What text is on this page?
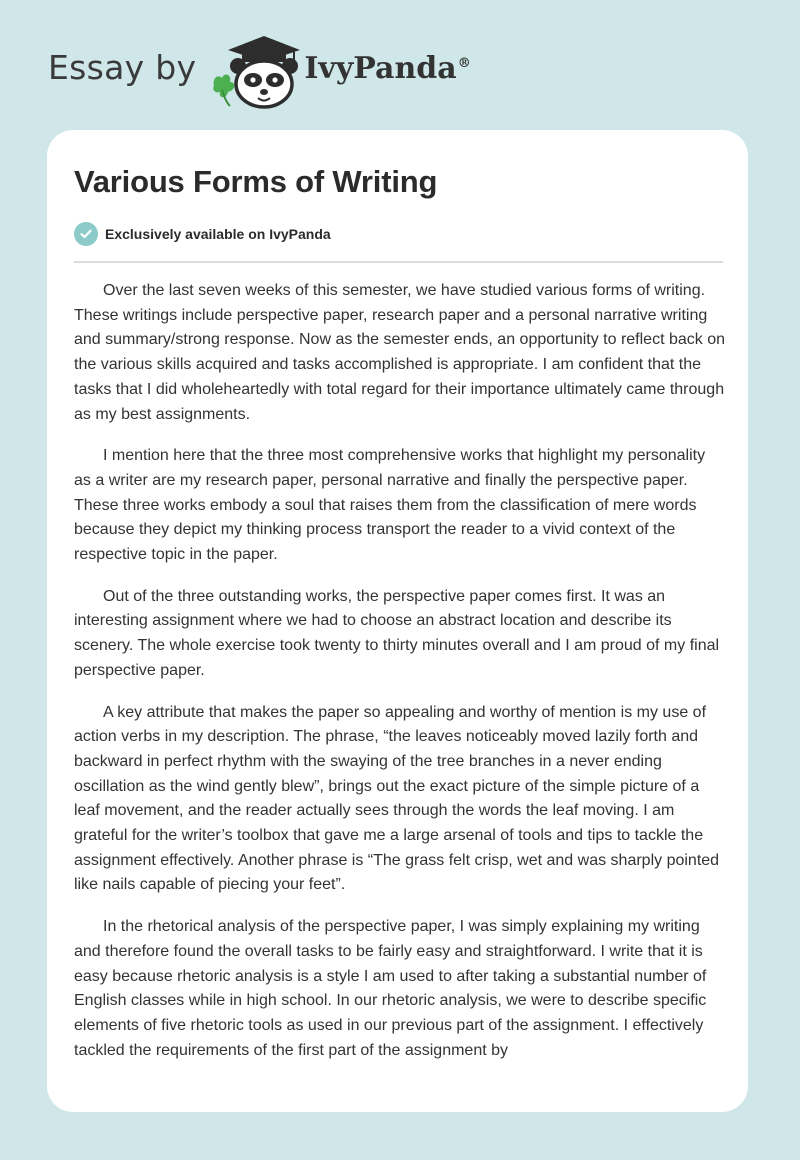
Essay by	IvyPanda®
Various Forms of Writing
Exclusively available on IvyPanda

Over the last seven weeks of this semester, we have studied various forms of writing. These writings include perspective paper, research paper and a personal narrative writing and summary/strong response. Now as the semester ends, an opportunity to reflect back on the various skills acquired and tasks accomplished is appropriate. I am confident that the tasks that I did wholeheartedly with total regard for their importance ultimately came through as my best assignments.

I mention here that the three most comprehensive works that highlight my personality as a writer are my research paper, personal narrative and finally the perspective paper. These three works embody a soul that raises them from the classification of mere words because they depict my thinking process transport the reader to a vivid context of the respective topic in the paper.

Out of the three outstanding works, the perspective paper comes first. It was an interesting assignment where we had to choose an abstract location and describe its scenery. The whole exercise took twenty to thirty minutes overall and I am proud of my final perspective paper.

A key attribute that makes the paper so appealing and worthy of mention is my use of action verbs in my description. The phrase, “the leaves noticeably moved lazily forth and backward in perfect rhythm with the swaying of the tree branches in a never ending oscillation as the wind gently blew”, brings out the exact picture of the simple picture of a leaf movement, and the reader actually sees through the words the leaf moving. I am grateful for the writer’s toolbox that gave me a large arsenal of tools and tips to tackle the assignment effectively. Another phrase is “The grass felt crisp, wet and was sharply pointed like nails capable of piecing your feet”.

In the rhetorical analysis of the perspective paper, I was simply explaining my writing and therefore found the overall tasks to be fairly easy and straightforward. I write that it is easy because rhetoric analysis is a style I am used to after taking a substantial number of English classes while in high school. In our rhetoric analysis, we were to describe specific elements of five rhetoric tools as used in our previous part of the assignment. I effectively tackled the requirements of the first part of the assignment by
